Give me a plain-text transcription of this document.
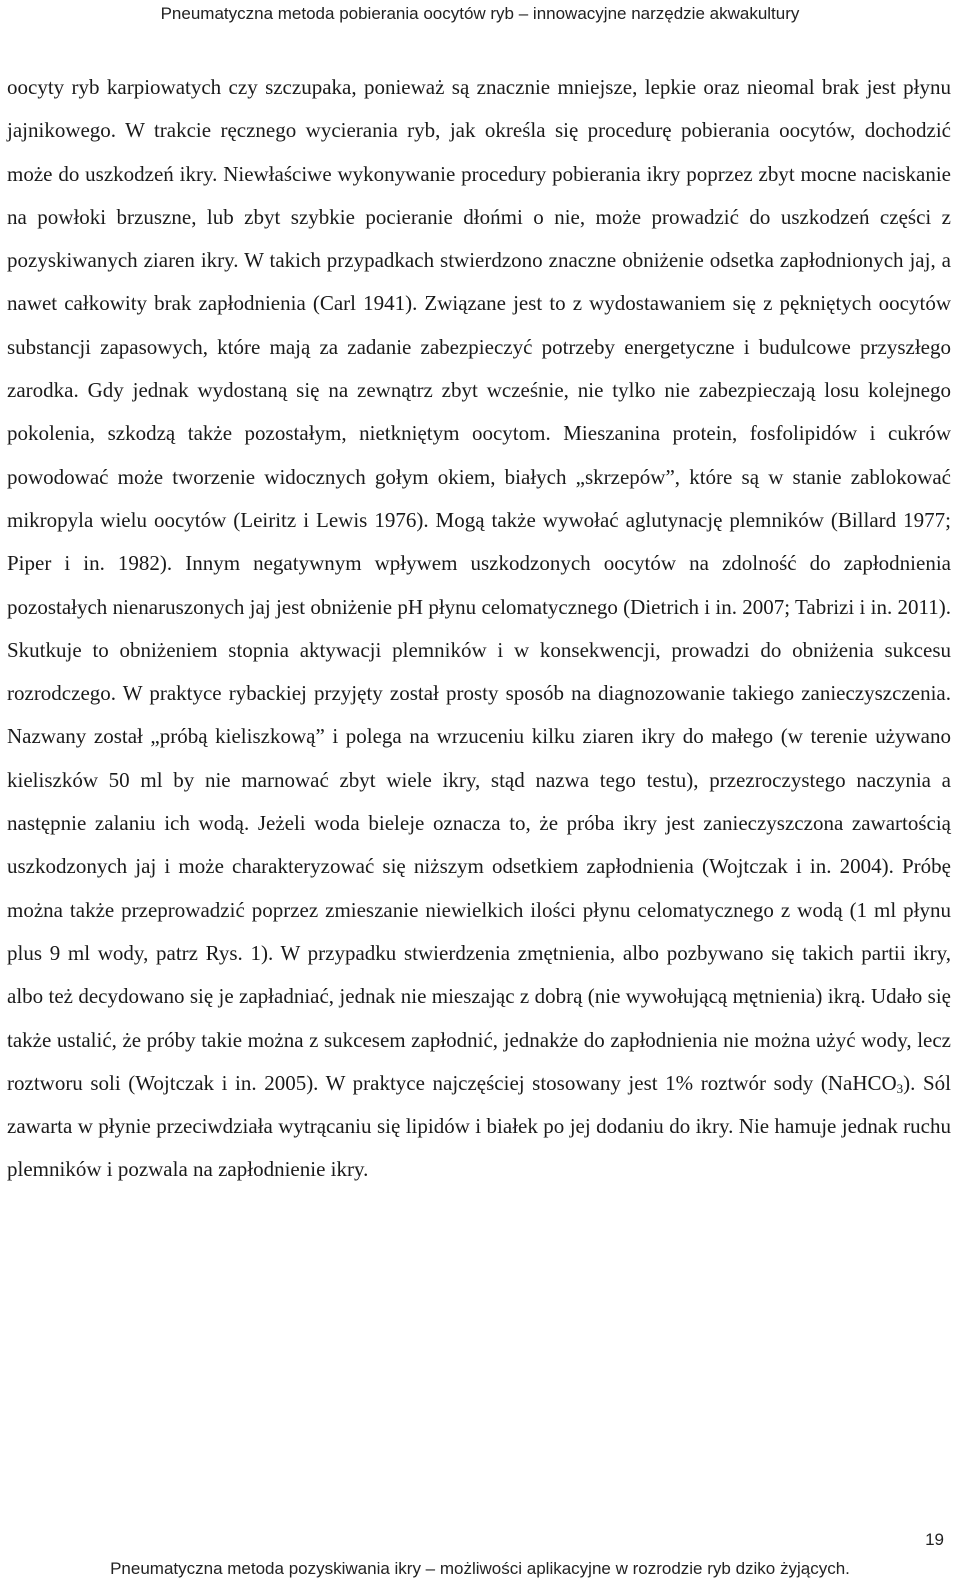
Pneumatyczna metoda pobierania oocytów ryb – innowacyjne narzędzie akwakultury

oocyty ryb karpiowatych czy szczupaka, ponieważ są znacznie mniejsze, lepkie oraz nieomal brak jest płynu jajnikowego. W trakcie ręcznego wycierania ryb, jak określa się procedurę pobierania oocytów, dochodzić może do uszkodzeń ikry. Niewłaściwe wykonywanie procedury pobierania ikry poprzez zbyt mocne naciskanie na powłoki brzuszne, lub zbyt szybkie pocieranie dłońmi o nie, może prowadzić do uszkodzeń części z pozyskiwanych ziaren ikry. W takich przypadkach stwierdzono znaczne obniżenie odsetka zapłodnionych jaj, a nawet całkowity brak zapłodnienia (Carl 1941). Związane jest to z wydostawaniem się z pękniętych oocytów substancji zapasowych, które mają za zadanie zabezpieczyć potrzeby energetyczne i budulcowe przyszłego zarodka. Gdy jednak wydostaną się na zewnątrz zbyt wcześnie, nie tylko nie zabezpieczają losu kolejnego pokolenia, szkodzą także pozostałym, nietkniętym oocytom. Mieszanina protein, fosfolipidów i cukrów powodować może tworzenie widocznych gołym okiem, białych „skrzepów”, które są w stanie zablokować mikropyla wielu oocytów (Leiritz i Lewis 1976). Mogą także wywołać aglutynację plemników (Billard 1977; Piper i in. 1982). Innym negatywnym wpływem uszkodzonych oocytów na zdolność do zapłodnienia pozostałych nienaruszonych jaj jest obniżenie pH płynu celomatycznego (Dietrich i in. 2007; Tabrizi i in. 2011). Skutkuje to obniżeniem stopnia aktywacji plemników i w konsekwencji, prowadzi do obniżenia sukcesu rozrodczego. W praktyce rybackiej przyjęty został prosty sposób na diagnozowanie takiego zanieczyszczenia. Nazwany został „próbą kieliszkową” i polega na wrzuceniu kilku ziaren ikry do małego (w terenie używano kieliszków 50 ml by nie marnować zbyt wiele ikry, stąd nazwa tego testu), przezroczystego naczynia a następnie zalaniu ich wodą. Jeżeli woda bieleje oznacza to, że próba ikry jest zanieczyszczona zawartością uszkodzonych jaj i może charakteryzować się niższym odsetkiem zapłodnienia (Wojtczak i in. 2004). Próbę można także przeprowadzić poprzez zmieszanie niewielkich ilości płynu celomatycznego z wodą (1 ml płynu plus 9 ml wody, patrz Rys. 1). W przypadku stwierdzenia zmętnienia, albo pozbywano się takich partii ikry, albo też decydowano się je zapładniać, jednak nie mieszając z dobrą (nie wywołującą mętnienia) ikrą. Udało się także ustalić, że próby takie można z sukcesem zapłodnić, jednakże do zapłodnienia nie można użyć wody, lecz roztworu soli (Wojtczak i in. 2005). W praktyce najczęściej stosowany jest 1% roztwór sody (NaHCO$_3$). Sól zawarta w płynie przeciwdziała wytrącaniu się lipidów i białek po jej dodaniu do ikry. Nie hamuje jednak ruchu plemników i pozwala na zapłodnienie ikry.

19
Pneumatyczna metoda pozyskiwania ikry – możliwości aplikacyjne w rozrodzie ryb dziko żyjących.
